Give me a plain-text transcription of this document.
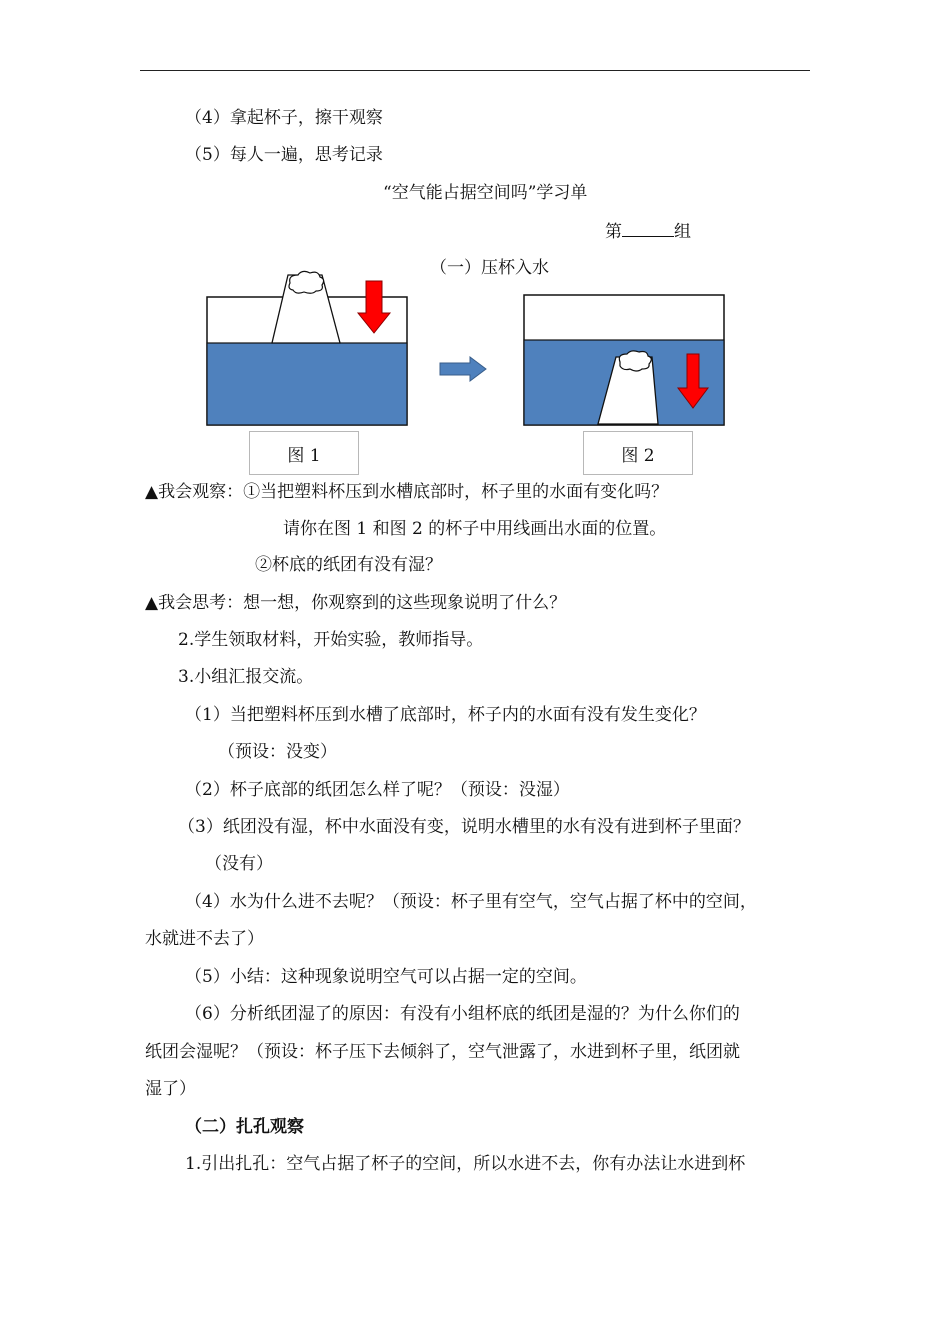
（4）拿起杯子，擦干观察
（5）每人一遍，思考记录
“空气能占据空间吗”学习单
第	组
（一）压杯入水
图 1	图 2
▲我会观察：①当把塑料杯压到水槽底部时，杯子里的水面有变化吗？
请你在图 1 和图 2 的杯子中用线画出水面的位置。
②杯底的纸团有没有湿？
▲我会思考：想一想，你观察到的这些现象说明了什么？
2.学生领取材料，开始实验，教师指导。
3.小组汇报交流。
（1）当把塑料杯压到水槽了底部时，杯子内的水面有没有发生变化？
（预设：没变）
（2）杯子底部的纸团怎么样了呢？（预设：没湿）
（3）纸团没有湿，杯中水面没有变，说明水槽里的水有没有进到杯子里面？
（没有）
（4）水为什么进不去呢？（预设：杯子里有空气，空气占据了杯中的空间，
水就进不去了）
（5）小结：这种现象说明空气可以占据一定的空间。
（6）分析纸团湿了的原因：有没有小组杯底的纸团是湿的？为什么你们的
纸团会湿呢？（预设：杯子压下去倾斜了，空气泄露了，水进到杯子里，纸团就
湿了）
（二）扎孔观察
1.引出扎孔：空气占据了杯子的空间，所以水进不去，你有办法让水进到杯
